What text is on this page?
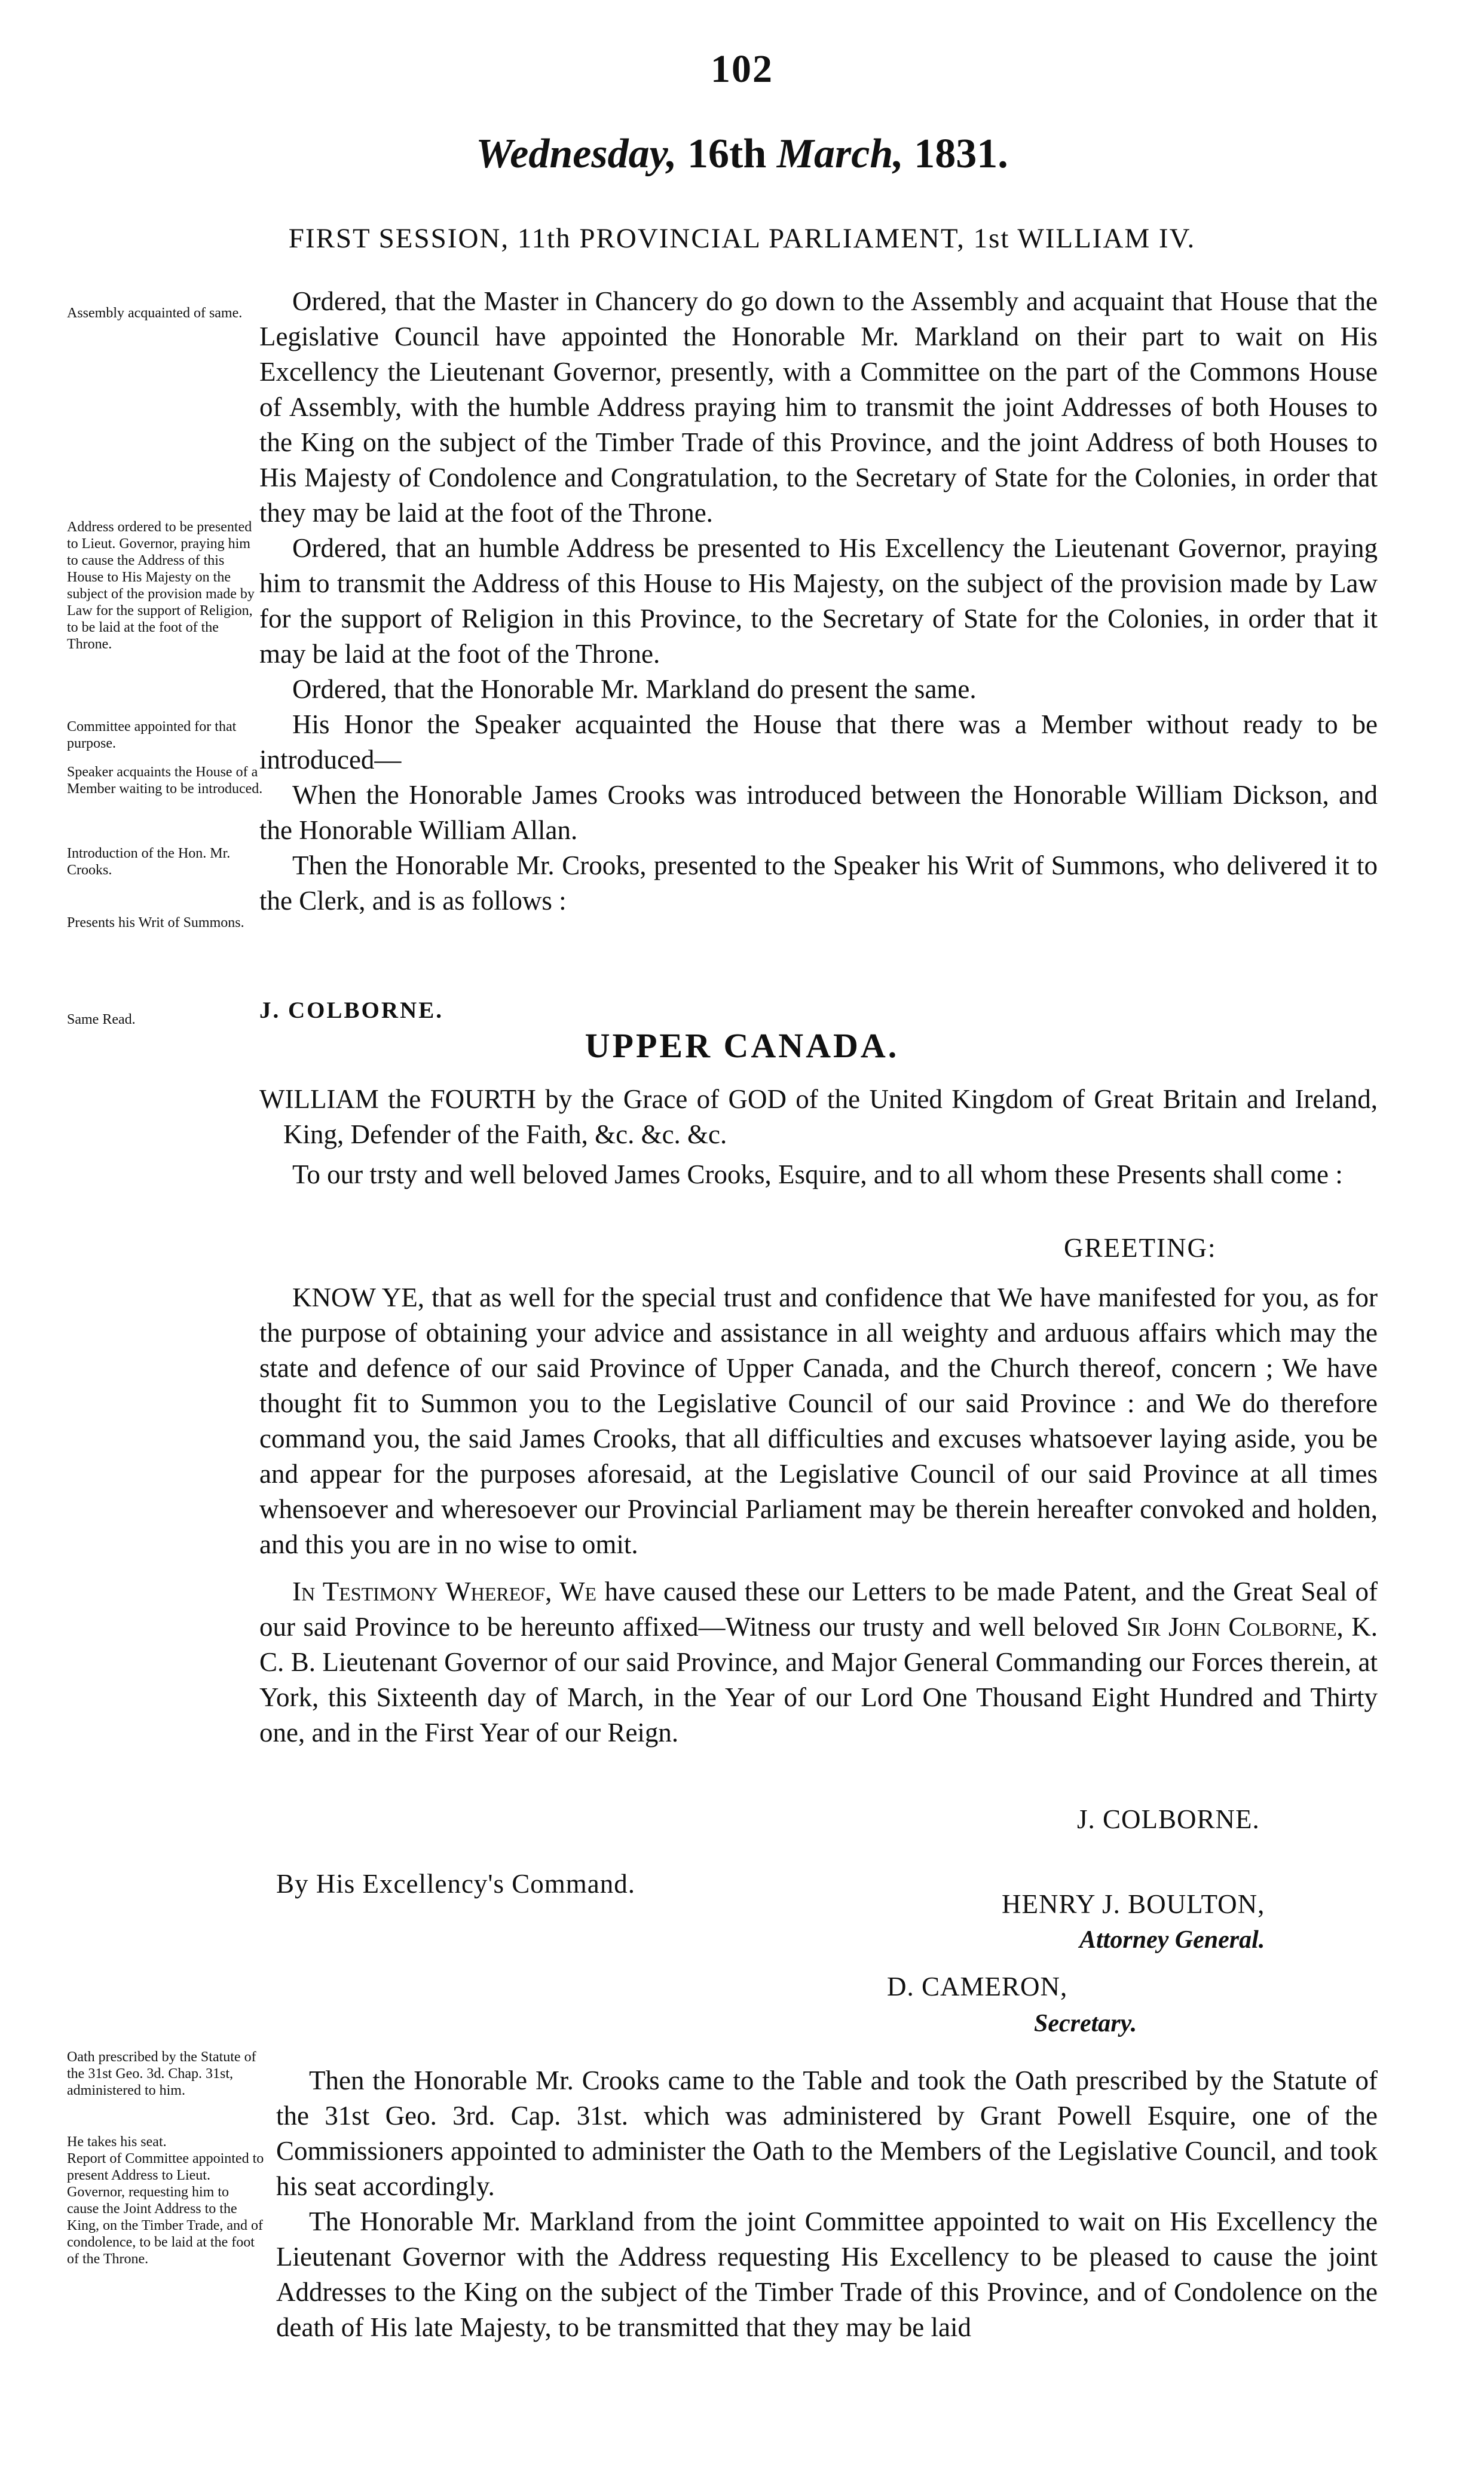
102
Wednesday, 16th March, 1831.
FIRST SESSION, 11th PROVINCIAL PARLIAMENT, 1st WILLIAM IV.
Assembly acquainted of same.
Address ordered to be presented to Lieut. Governor, praying him to cause the Address of this House to His Majesty on the subject of the provision made by Law for the support of Religion, to be laid at the foot of the Throne.
Committee appointed for that purpose.
Speaker acquaints the House of a Member waiting to be introduced.
Introduction of the Hon. Mr. Crooks.
Presents his Writ of Summons.
Same Read.
Oath prescribed by the Statute of the 31st Geo. 3d. Chap. 31st, administered to him.
He takes his seat.
Report of Committee appointed to present Address to Lieut. Governor, requesting him to cause the Joint Address to the King, on the Timber Trade, and of condolence, to be laid at the foot of the Throne.
Ordered, that the Master in Chancery do go down to the Assembly and acquaint that House that the Legislative Council have appointed the Honorable Mr. Markland on their part to wait on His Excellency the Lieutenant Governor, presently, with a Committee on the part of the Commons House of Assembly, with the humble Address praying him to transmit the joint Addresses of both Houses to the King on the subject of the Timber Trade of this Province, and the joint Address of both Houses to His Majesty of Condolence and Congratulation, to the Secretary of State for the Colonies, in order that they may be laid at the foot of the Throne.
Ordered, that an humble Address be presented to His Excellency the Lieutenant Governor, praying him to transmit the Address of this House to His Majesty, on the subject of the provision made by Law for the support of Religion in this Province, to the Secretary of State for the Colonies, in order that it may be laid at the foot of the Throne.
Ordered, that the Honorable Mr. Markland do present the same.
His Honor the Speaker acquainted the House that there was a Member without ready to be introduced—
When the Honorable James Crooks was introduced between the Honorable William Dickson, and the Honorable William Allan.
Then the Honorable Mr. Crooks, presented to the Speaker his Writ of Summons, who delivered it to the Clerk, and is as follows :
J. COLBORNE.
UPPER CANADA.
WILLIAM the FOURTH by the Grace of GOD of the United Kingdom of Great Britain and Ireland, King, Defender of the Faith, &c. &c. &c.
To our trsty and well beloved James Crooks, Esquire, and to all whom these Presents shall come :
GREETING:
KNOW YE, that as well for the special trust and confidence that We have manifested for you, as for the purpose of obtaining your advice and assistance in all weighty and arduous affairs which may the state and defence of our said Province of Upper Canada, and the Church thereof, concern ; We have thought fit to Summon you to the Legislative Council of our said Province : and We do therefore command you, the said James Crooks, that all difficulties and excuses whatsoever laying aside, you be and appear for the purposes aforesaid, at the Legislative Council of our said Province at all times whensoever and wheresoever our Provincial Parliament may be therein hereafter convoked and holden, and this you are in no wise to omit.
In Testimony Whereof, We have caused these our Letters to be made Patent, and the Great Seal of our said Province to be hereunto affixed—Witness our trusty and well beloved Sir John Colborne, K. C. B. Lieutenant Governor of our said Province, and Major General Commanding our Forces therein, at York, this Sixteenth day of March, in the Year of our Lord One Thousand Eight Hundred and Thirty one, and in the First Year of our Reign.
J. COLBORNE.
By His Excellency's Command.
HENRY J. BOULTON,
Attorney General.
D. CAMERON,
Secretary.
Then the Honorable Mr. Crooks came to the Table and took the Oath prescribed by the Statute of the 31st Geo. 3rd. Cap. 31st. which was administered by Grant Powell Esquire, one of the Commissioners appointed to administer the Oath to the Members of the Legislative Council, and took his seat accordingly.
The Honorable Mr. Markland from the joint Committee appointed to wait on His Excellency the Lieutenant Governor with the Address requesting His Excellency to be pleased to cause the joint Addresses to the King on the subject of the Timber Trade of this Province, and of Condolence on the death of His late Majesty, to be transmitted that they may be laid
